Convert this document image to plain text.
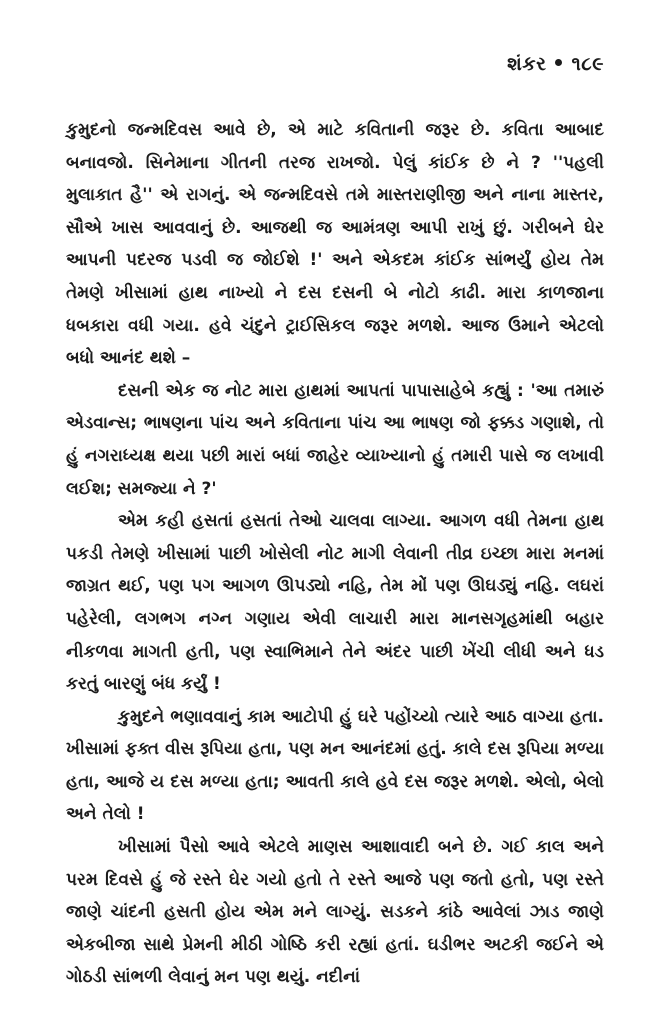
શંકર ૧૮૯

કુમુદનો જન્મદિવસ આવે છે, એ માટે કવિતાની જરૂર છે. કવિતા આબાદ બનાવજો. સિનેમાના ગીતની તરજ રાખજો. પેલું કાંઈક છે ને ? ''પહલી મુલાકાત હૈ'' એ રાગનું. એ જન્મદિવસે તમે માસ્તરાણીજી અને નાના માસ્તર, સૌએ ખાસ આવવાનું છે. આજથી જ આમંત્રણ આપી રાખું છું. ગરીબને ઘેર આપની પદરજ પડવી જ જોઈશે !' અને એકદમ કાંઈક સાંભર્યું હોય તેમ તેમણે ખીસામાં હાથ નાખ્યો ને દસ દસની બે નોટો કાઢી. મારા કાળજાના ધબકારા વધી ગયા. હવે ચંદુને ટ્રાઈસિકલ જરૂર મળશે. આજ ઉમાને એટલો બધો આનંદ થશે –

દસની એક જ નોટ મારા હાથમાં આપતાં પાપાસાહેબે કહ્યું : 'આ તમારું એડવાન્સ; ભાષણના પાંચ અને કવિતાના પાંચ આ ભાષણ જો ફક્કડ ગણાશે, તો હું નગરાધ્યક્ષ થયા પછી મારાં બધાં જાહેર વ્યાખ્યાનો હું તમારી પાસે જ લખાવી લઈશ; સમજ્યા ને ?'

એમ કહી હસતાં હસતાં તેઓ ચાલવા લાગ્યા. આગળ વધી તેમના હાથ પકડી તેમણે ખીસામાં પાછી ખોસેલી નોટ માગી લેવાની તીવ્ર ઇચ્છા મારા મનમાં જાગ્રત થઈ, પણ પગ આગળ ઊપડ્યો નહિ, તેમ મોં પણ ઊઘડ્યું નહિ. લઘરાં પહેરેલી, લગભગ નગ્ન ગણાય એવી લાચારી મારા માનસગૃહમાંથી બહાર નીકળવા માગતી હતી, પણ સ્વાભિમાને તેને અંદર પાછી ખેંચી લીધી અને ધડ કરતું બારણું બંધ કર્યું !

કુમુદને ભણાવવાનું કામ આટોપી હું ઘરે પહોંચ્યો ત્યારે આઠ વાગ્યા હતા. ખીસામાં ફક્ત વીસ રૂપિયા હતા, પણ મન આનંદમાં હતું. કાલે દસ રૂપિયા મળ્યા હતા, આજે ય દસ મળ્યા હતા; આવતી કાલે હવે દસ જરૂર મળશે. એલો, બેલો અને તેલો !

ખીસામાં પૈસો આવે એટલે માણસ આશાવાદી બને છે. ગઈ કાલ અને પરમ દિવસે હું જે રસ્તે ઘેર ગયો હતો તે રસ્તે આજે પણ જતો હતો, પણ રસ્તે જાણે ચાંદની હસતી હોય એમ મને લાગ્યું. સડકને કાંઠે આવેલાં ઝાડ જાણે એકબીજા સાથે પ્રેમની મીઠી ગોષ્ઠિ કરી રહ્યાં હતાં. ઘડીભર અટકી જઈને એ ગોઠડી સાંભળી લેવાનું મન પણ થયું. નદીનાં
